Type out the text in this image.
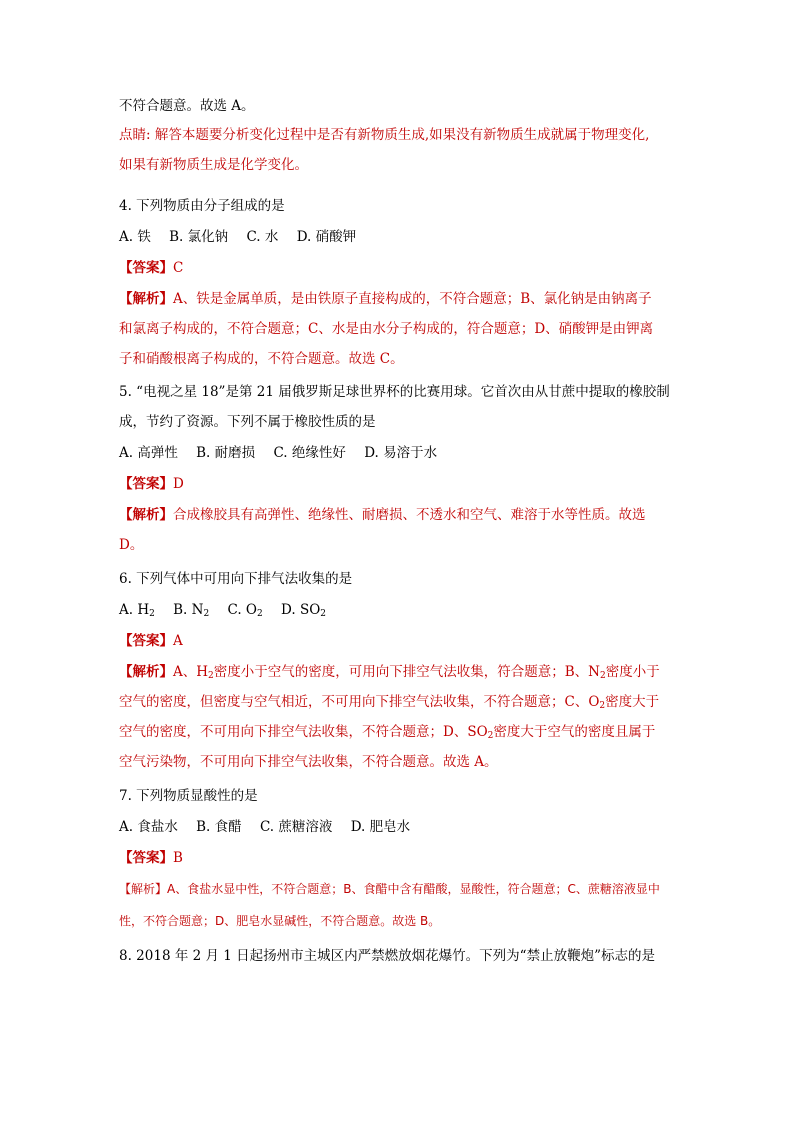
不符合题意。故选 A。
点睛: 解答本题要分析变化过程中是否有新物质生成,如果没有新物质生成就属于物理变化,
如果有新物质生成是化学变化。
4. 下列物质由分子组成的是
A. 铁 B. 氯化钠 C. 水 D. 硝酸钾
【答案】C
【解析】A、铁是金属单质，是由铁原子直接构成的，不符合题意；B、氯化钠是由钠离子
和氯离子构成的，不符合题意；C、水是由水分子构成的，符合题意；D、硝酸钾是由钾离
子和硝酸根离子构成的，不符合题意。故选 C。
5. “电视之星 18”是第 21 届俄罗斯足球世界杯的比赛用球。它首次由从甘蔗中提取的橡胶制
成，节约了资源。下列不属于橡胶性质的是
A. 高弹性 B. 耐磨损 C. 绝缘性好 D. 易溶于水
【答案】D
【解析】合成橡胶具有高弹性、绝缘性、耐磨损、不透水和空气、难溶于水等性质。故选
D。
6. 下列气体中可用向下排气法收集的是
A. $H_2$ B. $N_2$ C. $O_2$ D. $SO_2$
【答案】A
【解析】A、$H_2$密度小于空气的密度，可用向下排空气法收集，符合题意；B、$N_2$密度小于
空气的密度，但密度与空气相近，不可用向下排空气法收集，不符合题意；C、$O_2$密度大于
空气的密度，不可用向下排空气法收集，不符合题意；D、$SO_2$密度大于空气的密度且属于
空气污染物，不可用向下排空气法收集，不符合题意。故选 A。
7. 下列物质显酸性的是
A. 食盐水 B. 食醋 C. 蔗糖溶液 D. 肥皂水
【答案】B
【解析】A、食盐水显中性，不符合题意；B、食醋中含有醋酸，显酸性，符合题意；C、蔗糖溶液显中
性，不符合题意；D、肥皂水显碱性，不符合题意。故选 B。
8. 2018 年 2 月 1 日起扬州市主城区内严禁燃放烟花爆竹。下列为“禁止放鞭炮”标志的是
